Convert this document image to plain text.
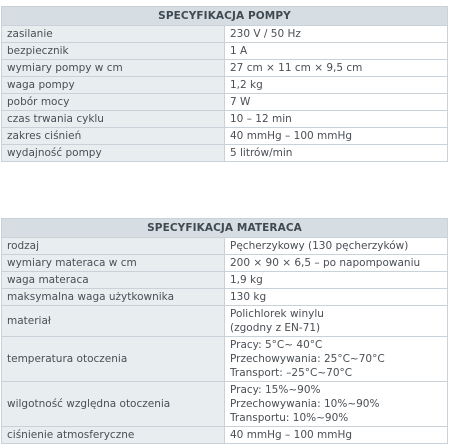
SPECYFIKACJA POMPY	
zasilanie	230 V / 50 Hz
bezpiecznik	1 A
wymiary pompy w cm	27 cm × 11 cm × 9,5 cm
waga pompy	1,2 kg
pobór mocy	7 W
czas trwania cyklu	10 – 12 min
zakres ciśnień	40 mmHg – 100 mmHg
wydajność pompy	5 litrów/min
SPECYFIKACJA MATERACA	
rodzaj	Pęcherzykowy (130 pęcherzyków)

wymiary materaca w cm	200 × 90 × 6,5 – po napompowaniu

waga materaca	1,9 kg

maksymalna waga użytkownika	130 kg

materiał	Polichlorek winylu
(zgodny z EN-71)

temperatura otoczenia	Pracy: 5°C~ 40°C
Przechowywania: 25°C~70°C
Transport: –25°C~70°C

wilgotność względna otoczenia	Pracy: 15%~90%
Przechowywania: 10%~90%
Transportu: 10%~90%

ciśnienie atmosferyczne	40 mmHg – 100 mmHg
